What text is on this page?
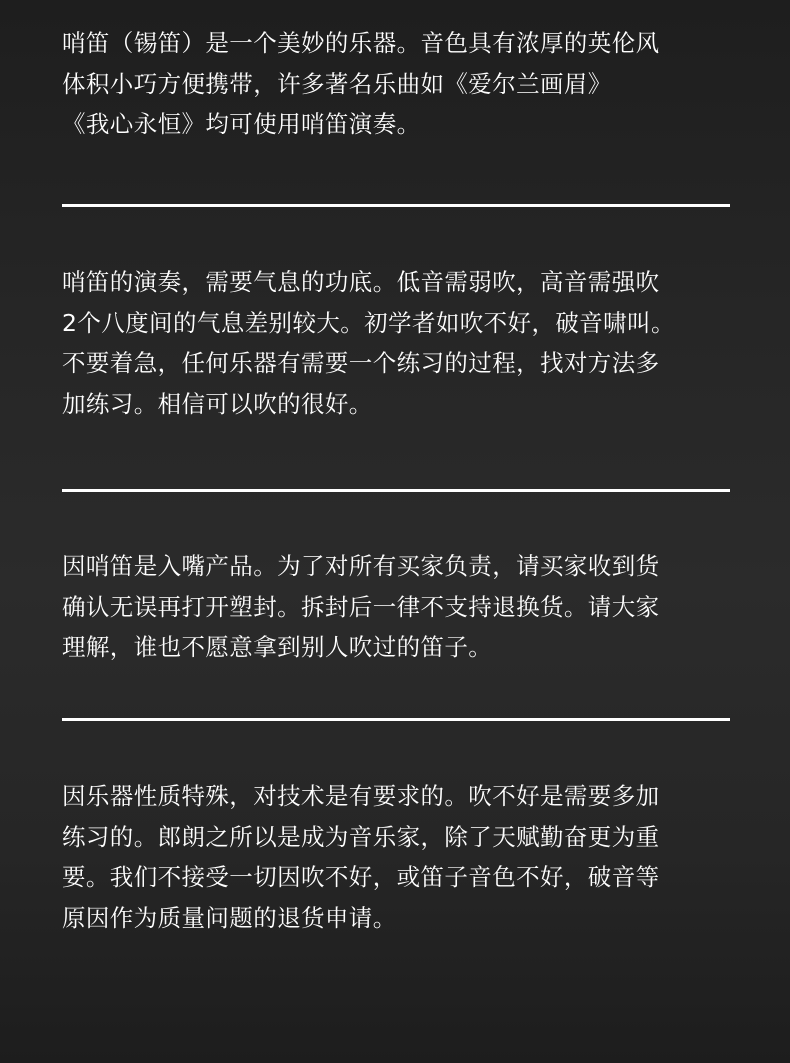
哨笛（锡笛）是一个美妙的乐器。音色具有浓厚的英伦风

体积小巧方便携带，许多著名乐曲如《爱尔兰画眉》

《我心永恒》均可使用哨笛演奏。

哨笛的演奏，需要气息的功底。低音需弱吹，高音需强吹

2个八度间的气息差别较大。初学者如吹不好，破音啸叫。

不要着急，任何乐器有需要一个练习的过程，找对方法多

加练习。相信可以吹的很好。

因哨笛是入嘴产品。为了对所有买家负责，请买家收到货

确认无误再打开塑封。拆封后一律不支持退换货。请大家

理解，谁也不愿意拿到别人吹过的笛子。

因乐器性质特殊，对技术是有要求的。吹不好是需要多加

练习的。郎朗之所以是成为音乐家，除了天赋勤奋更为重

要。我们不接受一切因吹不好，或笛子音色不好，破音等

原因作为质量问题的退货申请。
